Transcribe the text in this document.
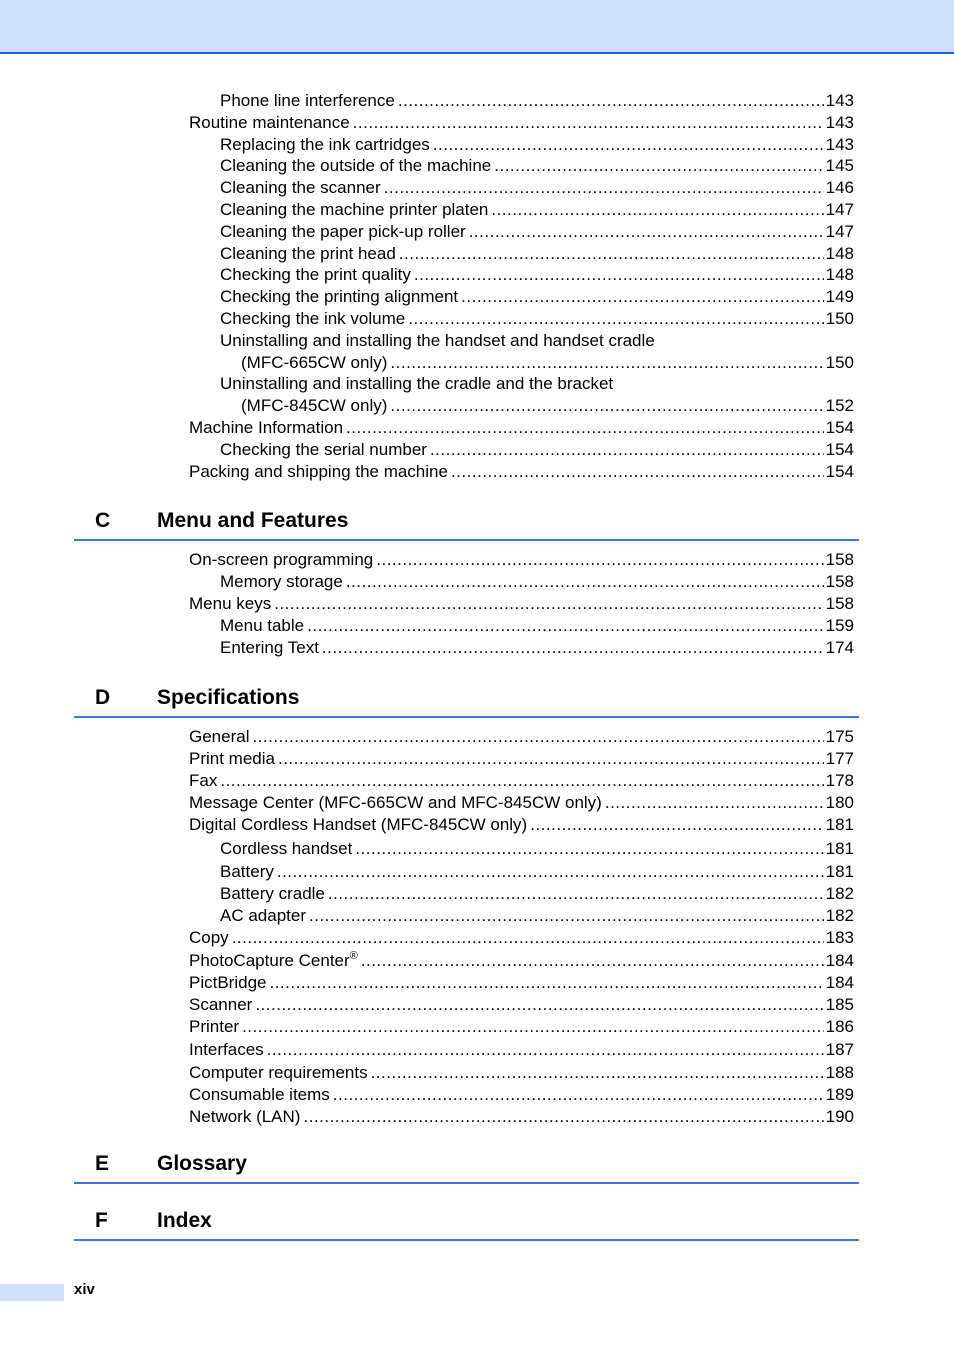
Phone line interference .....	143
Routine maintenance .....	143
Replacing the ink cartridges .....	143
Cleaning the outside of the machine .....	145
Cleaning the scanner .....	146
Cleaning the machine printer platen .....	147
Cleaning the paper pick-up roller .....	147
Cleaning the print head .....	148
Checking the print quality .....	148
Checking the printing alignment .....	149
Checking the ink volume .....	150
Uninstalling and installing the handset and handset cradle
(MFC-665CW only) .....	150
Uninstalling and installing the cradle and the bracket
(MFC-845CW only) .....	152
Machine Information .....	154
Checking the serial number .....	154
Packing and shipping the machine .....	154
C Menu and Features
On-screen programming .....	158
Memory storage .....	158
Menu keys .....	158
Menu table .....	159
Entering Text .....	174
D Specifications
General .....	175
Print media .....	177
Fax .....	178
Message Center (MFC-665CW and MFC-845CW only) .....	180
Digital Cordless Handset (MFC-845CW only) .....	181
Cordless handset .....	181
Battery .....	181
Battery cradle .....	182
AC adapter .....	182
Copy .....	183
PhotoCapture Center® .....	184
PictBridge .....	184
Scanner .....	185
Printer .....	186
Interfaces .....	187
Computer requirements .....	188
Consumable items .....	189
Network (LAN) .....	190
E Glossary
F Index
xiv
